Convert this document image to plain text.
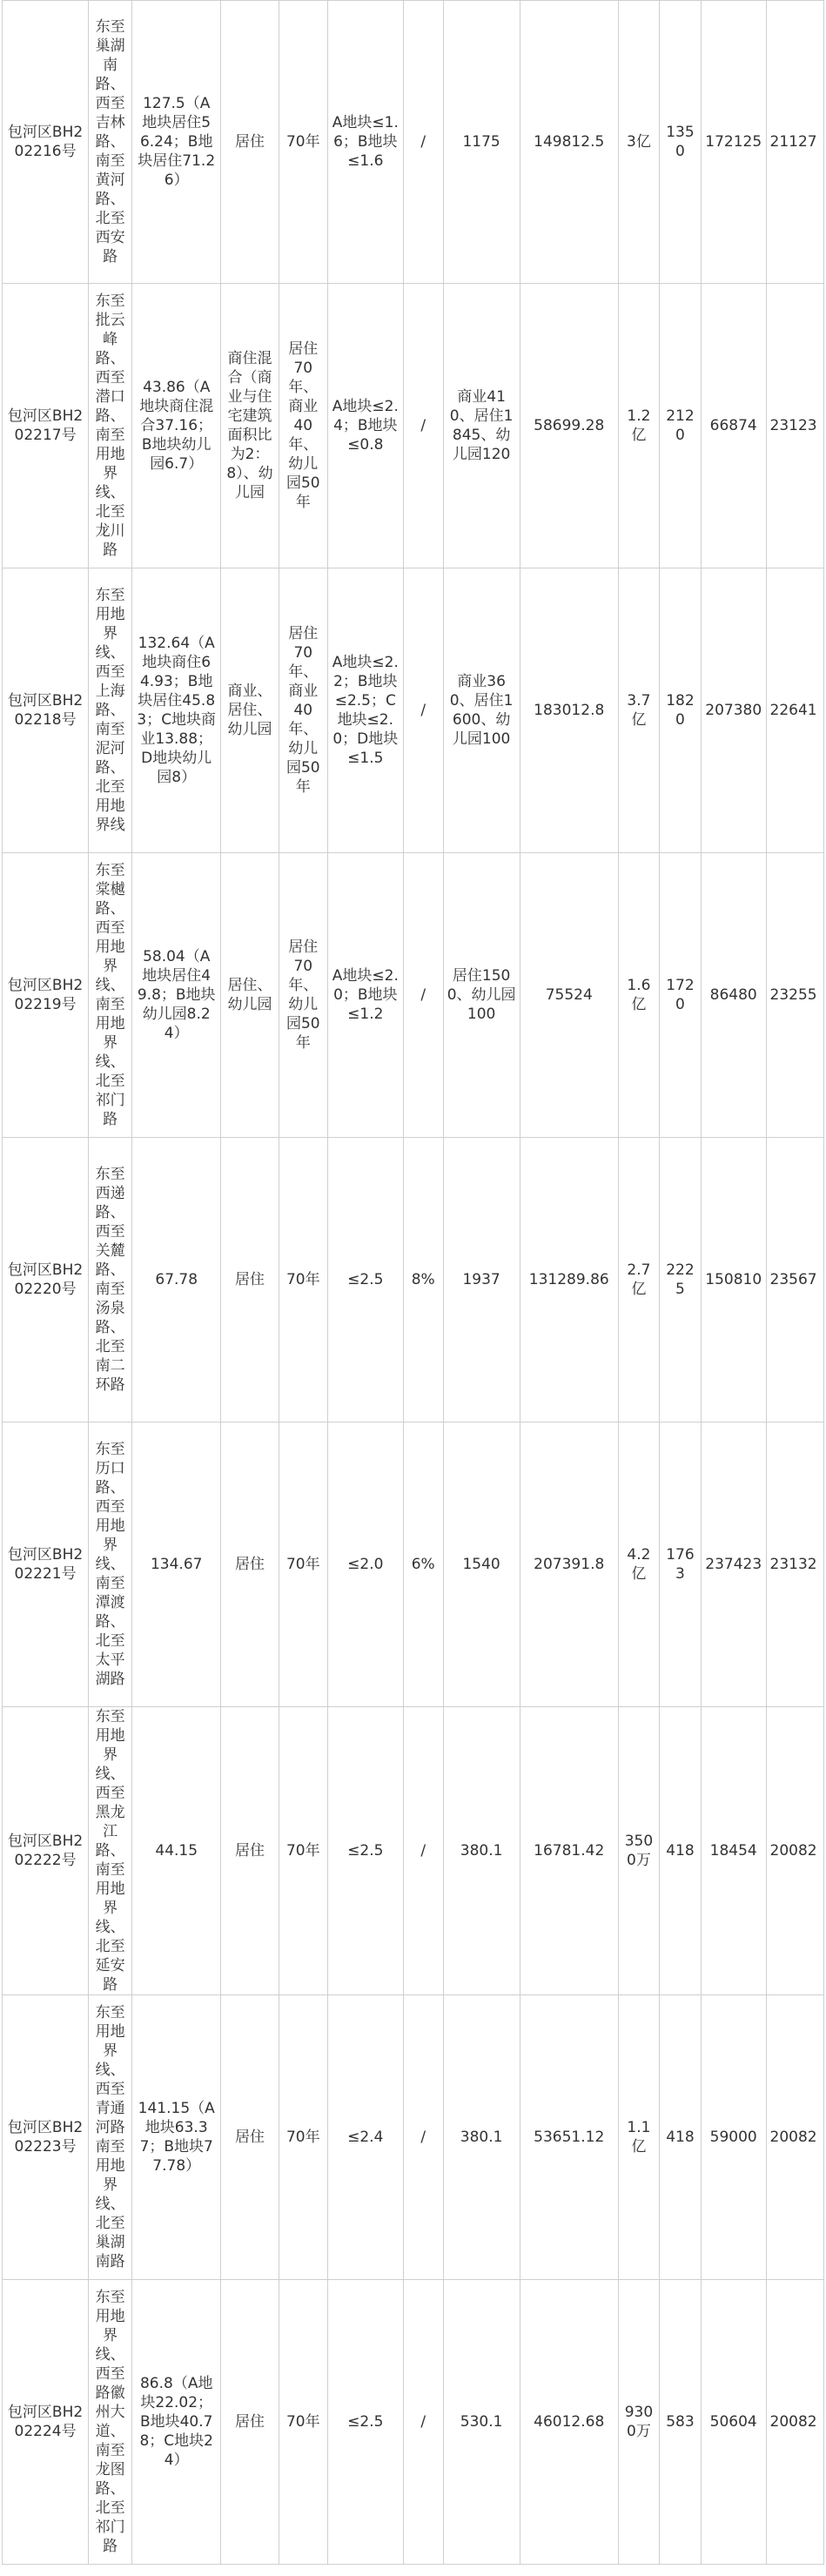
包河区BH202216号	东至巢湖南路、西至吉林路、南至黄河路、北至西安路	127.5（A地块居住56.24；B地块居住71.26）	居住	70年	A地块≤1.6；B地块≤1.6	/	1175	149812.5	3亿	1350	172125	21127
包河区BH202217号	东至批云峰路、西至潜口路、南至用地界线、北至龙川路	43.86（A地块商住混合37.16；B地块幼儿园6.7）	商住混合（商业与住宅建筑面积比为2：8）、幼儿园	居住70年、商业40年、幼儿园50年	A地块≤2.4；B地块≤0.8	/	商业410、居住1845、幼儿园120	58699.28	1.2亿	2120	66874	23123
包河区BH202218号	东至用地界线、西至上海路、南至泥河路、北至用地界线	132.64（A地块商住64.93；B地块居住45.83；C地块商业13.88；D地块幼儿园8）	商业、居住、幼儿园	居住70年、商业40年、幼儿园50年	A地块≤2.2；B地块≤2.5；C地块≤2.0；D地块≤1.5	/	商业360、居住1600、幼儿园100	183012.8	3.7亿	1820	207380	22641
包河区BH202219号	东至棠樾路、西至用地界线、南至用地界线、北至祁门路	58.04（A地块居住49.8；B地块幼儿园8.24）	居住、幼儿园	居住70年、幼儿园50年	A地块≤2.0；B地块≤1.2	/	居住1500、幼儿园100	75524	1.6亿	1720	86480	23255
包河区BH202220号	东至西递路、西至关麓路、南至汤泉路、北至南二环路	67.78	居住	70年	≤2.5	8%	1937	131289.86	2.7亿	2225	150810	23567
包河区BH202221号	东至历口路、西至用地界线、南至潭渡路、北至太平湖路	134.67	居住	70年	≤2.0	6%	1540	207391.8	4.2亿	1763	237423	23132
包河区BH202222号	东至用地界线、西至黑龙江路、南至用地界线、北至延安路	44.15	居住	70年	≤2.5	/	380.1	16781.42	3500万	418	18454	20082
包河区BH202223号	东至用地界线、西至青通河路南至用地界线、北至巢湖南路	141.15（A地块63.37；B地块77.78）	居住	70年	≤2.4	/	380.1	53651.12	1.1亿	418	59000	20082
包河区BH202224号	东至用地界线、西至路徽州大道、南至龙图路、北至祁门路	86.8（A地块22.02；B地块40.78；C地块24）	居住	70年	≤2.5	/	530.1	46012.68	9300万	583	50604	20082
